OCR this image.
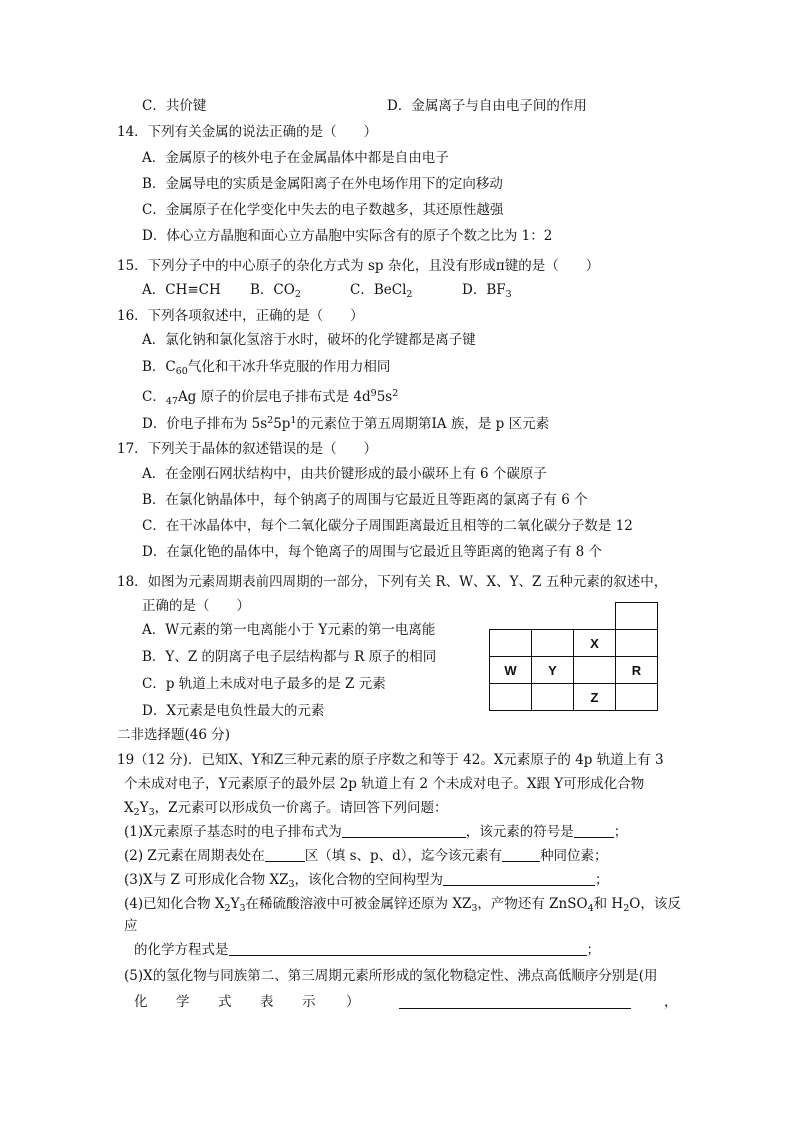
C．共价键	D．金属离子与自由电子间的作用
14．下列有关金属的说法正确的是（　　）
A．金属原子的核外电子在金属晶体中都是自由电子
B．金属导电的实质是金属阳离子在外电场作用下的定向移动
C．金属原子在化学变化中失去的电子数越多，其还原性越强
D．体心立方晶胞和面心立方晶胞中实际含有的原子个数之比为 1：2
15．下列分子中的中心原子的杂化方式为 sp 杂化，且没有形成π键的是（　　）
A．CH≡CH B．$CO_2$	C．BeCl$_2$	D．$BF_3$
16．下列各项叙述中，正确的是（　　）
A．氯化钠和氯化氢溶于水时，破坏的化学键都是离子键
B．$C_{60}$气化和干冰升华克服的作用力相同
C．$_{47}$Ag 原子的价层电子排布式是 $4d^95s^2$
D．价电子排布为 $5s^25p^1$的元素位于第五周期第ⅠA 族，是 p 区元素
17．下列关于晶体的叙述错误的是（　　）
A．在金刚石网状结构中，由共价键形成的最小碳环上有 6 个碳原子
B．在氯化钠晶体中，每个钠离子的周围与它最近且等距离的氯离子有 6 个
C．在干冰晶体中，每个二氧化碳分子周围距离最近且相等的二氧化碳分子数是 12
D．在氯化铯的晶体中，每个铯离子的周围与它最近且等距离的铯离子有 8 个
18．如图为元素周期表前四周期的一部分，下列有关 R、W、X、Y、Z 五种元素的叙述中，
正确的是（　　）
A．W元素的第一电离能小于 Y元素的第一电离能
B．Y、Z 的阴离子电子层结构都与 R 原子的相同
C．p 轨道上未成对电子最多的是 Z 元素
D．X元素是电负性最大的元素

		X	
W	Y		R
		Z	
二非选择题(46 分)
19（12 分)．已知X、Y和Z三种元素的原子序数之和等于 42。X元素原子的 4p 轨道上有 3
个未成对电子，Y元素原子的最外层 2p 轨道上有 2 个未成对电子。X跟 Y可形成化合物
$X_2Y_3$，Z元素可以形成负一价离子。请回答下列问题：
(1)X元素原子基态时的电子排布式为	，该元素的符号是	；
(2) Z元素在周期表处在	区（填 s、p、d），迄今该元素有	种同位素；
(3)X与 Z 可形成化合物 $XZ_3$，该化合物的空间构型为	；
(4)已知化合物 $X_2Y_3$在稀硫酸溶液中可被金属锌还原为 $XZ_3$，产物还有 ZnSO$_4$和 $H_2O$，该反
应
的化学方程式是	；
(5)X的氢化物与同族第二、第三周期元素所形成的氢化物稳定性、沸点高低顺序分别是(用
化 学 式 表 示 ）	，
